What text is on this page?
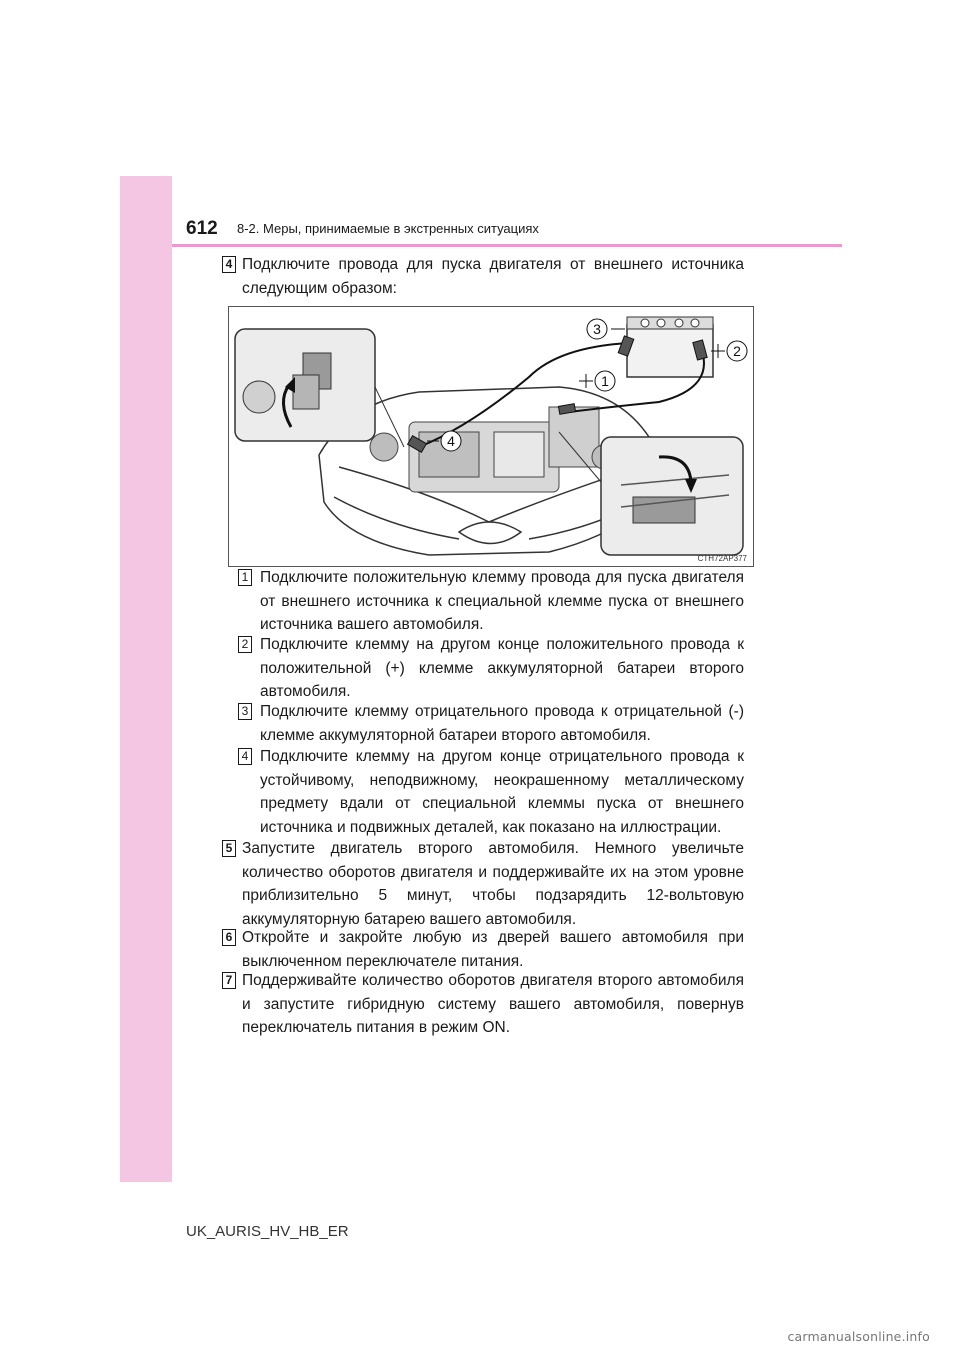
612 8-2. Меры, принимаемые в экстренных ситуациях
4 Подключите провода для пуска двигателя от внешнего источника следующим образом:
3
2
1
4
CTH72AP377
1 Подключите положительную клемму провода для пуска двигателя от внешнего источника к специальной клемме пуска от внешнего источника вашего автомобиля.
2 Подключите клемму на другом конце положительного провода к положительной (+) клемме аккумуляторной батареи второго автомобиля.
3 Подключите клемму отрицательного провода к отрицательной (-) клемме аккумуляторной батареи второго автомобиля.
4 Подключите клемму на другом конце отрицательного провода к устойчивому, неподвижному, неокрашенному металлическому предмету вдали от специальной клеммы пуска от внешнего источника и подвижных деталей, как показано на иллюстрации.
5 Запустите двигатель второго автомобиля. Немного увеличьте количество оборотов двигателя и поддерживайте их на этом уровне приблизительно 5 минут, чтобы подзарядить 12-вольтовую аккумуляторную батарею вашего автомобиля.
6 Откройте и закройте любую из дверей вашего автомобиля при выключенном переключателе питания.
7 Поддерживайте количество оборотов двигателя второго автомобиля и запустите гибридную систему вашего автомобиля, повернув переключатель питания в режим ON.
UK_AURIS_HV_HB_ER
carmanualsonline.info
